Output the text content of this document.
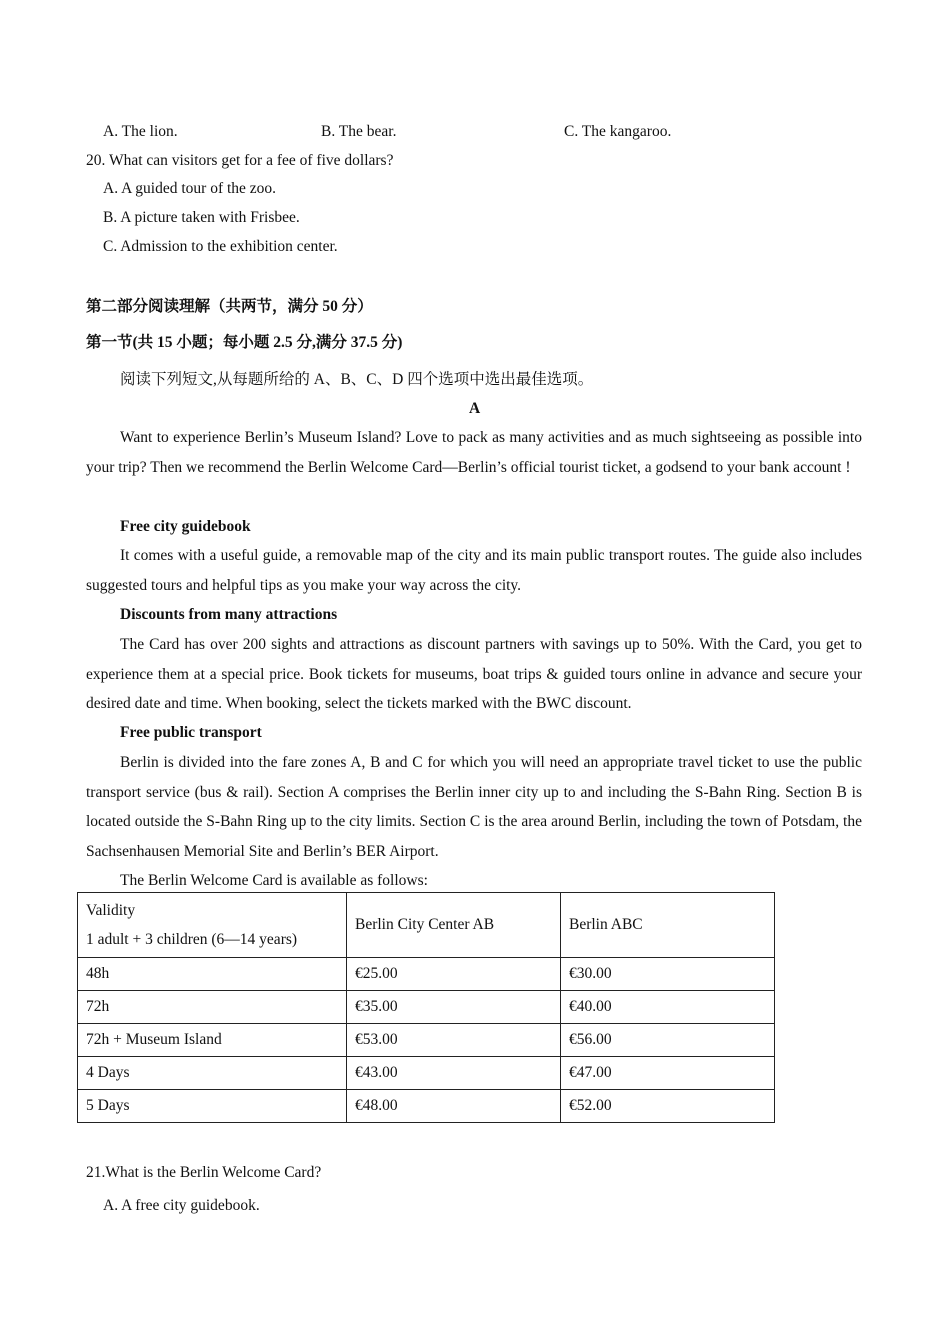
A. The lion.	B. The bear.	C. The kangaroo.
20. What can visitors get for a fee of five dollars?
A. A guided tour of the zoo.
B. A picture taken with Frisbee.
C. Admission to the exhibition center.
第二部分阅读理解（共两节，满分 50 分）
第一节(共 15 小题；每小题 2.5 分,满分 37.5 分)
阅读下列短文,从每题所给的 A、B、C、D 四个选项中选出最佳选项。
A
Want to experience Berlin’s Museum Island? Love to pack as many activities and as much sightseeing as possible into your trip? Then we recommend the Berlin Welcome Card—Berlin’s official tourist ticket, a godsend to your bank account !
Free city guidebook
It comes with a useful guide, a removable map of the city and its main public transport routes. The guide also includes suggested tours and helpful tips as you make your way across the city.
Discounts from many attractions
The Card has over 200 sights and attractions as discount partners with savings up to 50%. With the Card, you get to experience them at a special price. Book tickets for museums, boat trips & guided tours online in advance and secure your desired date and time. When booking, select the tickets marked with the BWC discount.
Free public transport
Berlin is divided into the fare zones A, B and C for which you will need an appropriate travel ticket to use the public transport service (bus & rail). Section A comprises the Berlin inner city up to and including the S-Bahn Ring. Section B is located outside the S-Bahn Ring up to the city limits. Section C is the area around Berlin, including the town of Potsdam, the Sachsenhausen Memorial Site and Berlin’s BER Airport.
The Berlin Welcome Card is available as follows:
Validity
1 adult + 3 children (6—14 years)	Berlin City Center AB	Berlin ABC
48h	€25.00	€30.00
72h	€35.00	€40.00
72h + Museum Island	€53.00	€56.00
4 Days	€43.00	€47.00
5 Days	€48.00	€52.00
21.What is the Berlin Welcome Card?
A. A free city guidebook.
